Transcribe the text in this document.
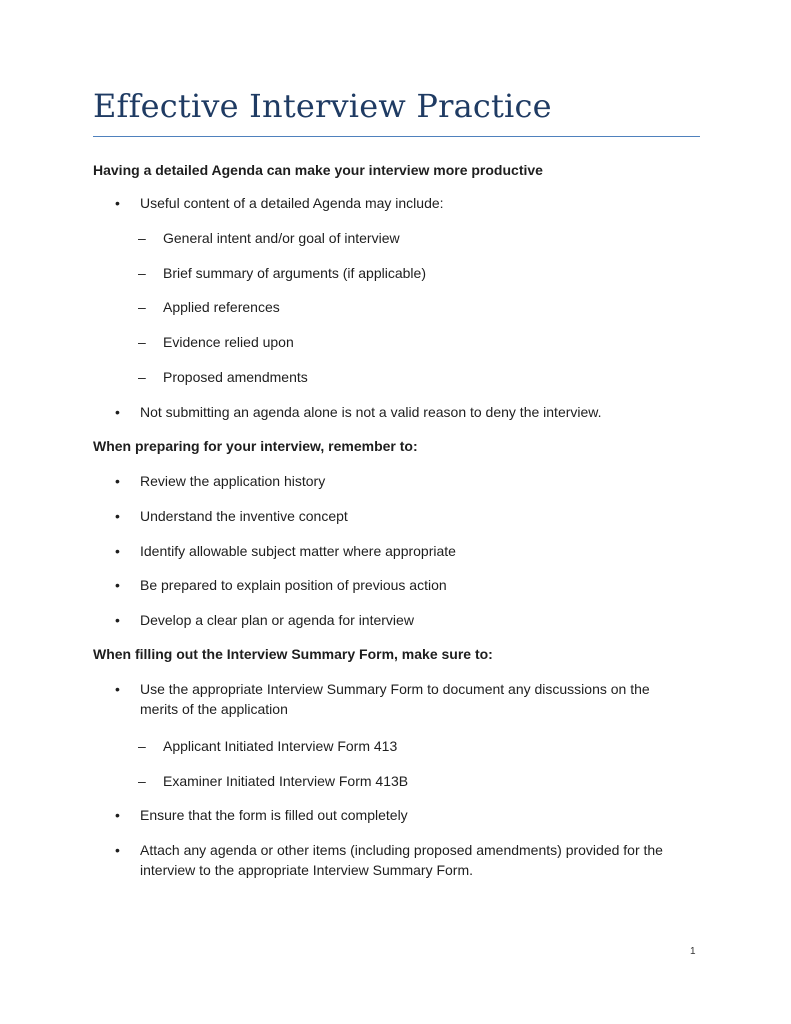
Effective Interview Practice

Having a detailed Agenda can make your interview more productive

• Useful content of a detailed Agenda may include:

– General intent and/or goal of interview

– Brief summary of arguments (if applicable)

– Applied references

– Evidence relied upon

– Proposed amendments

• Not submitting an agenda alone is not a valid reason to deny the interview.

When preparing for your interview, remember to:

• Review the application history

• Understand the inventive concept

• Identify allowable subject matter where appropriate

• Be prepared to explain position of previous action

• Develop a clear plan or agenda for interview

When filling out the Interview Summary Form, make sure to:

• Use the appropriate Interview Summary Form to document any discussions on the merits of the application

– Applicant Initiated Interview Form 413

– Examiner Initiated Interview Form 413B

• Ensure that the form is filled out completely

• Attach any agenda or other items (including proposed amendments) provided for the interview to the appropriate Interview Summary Form.

1
